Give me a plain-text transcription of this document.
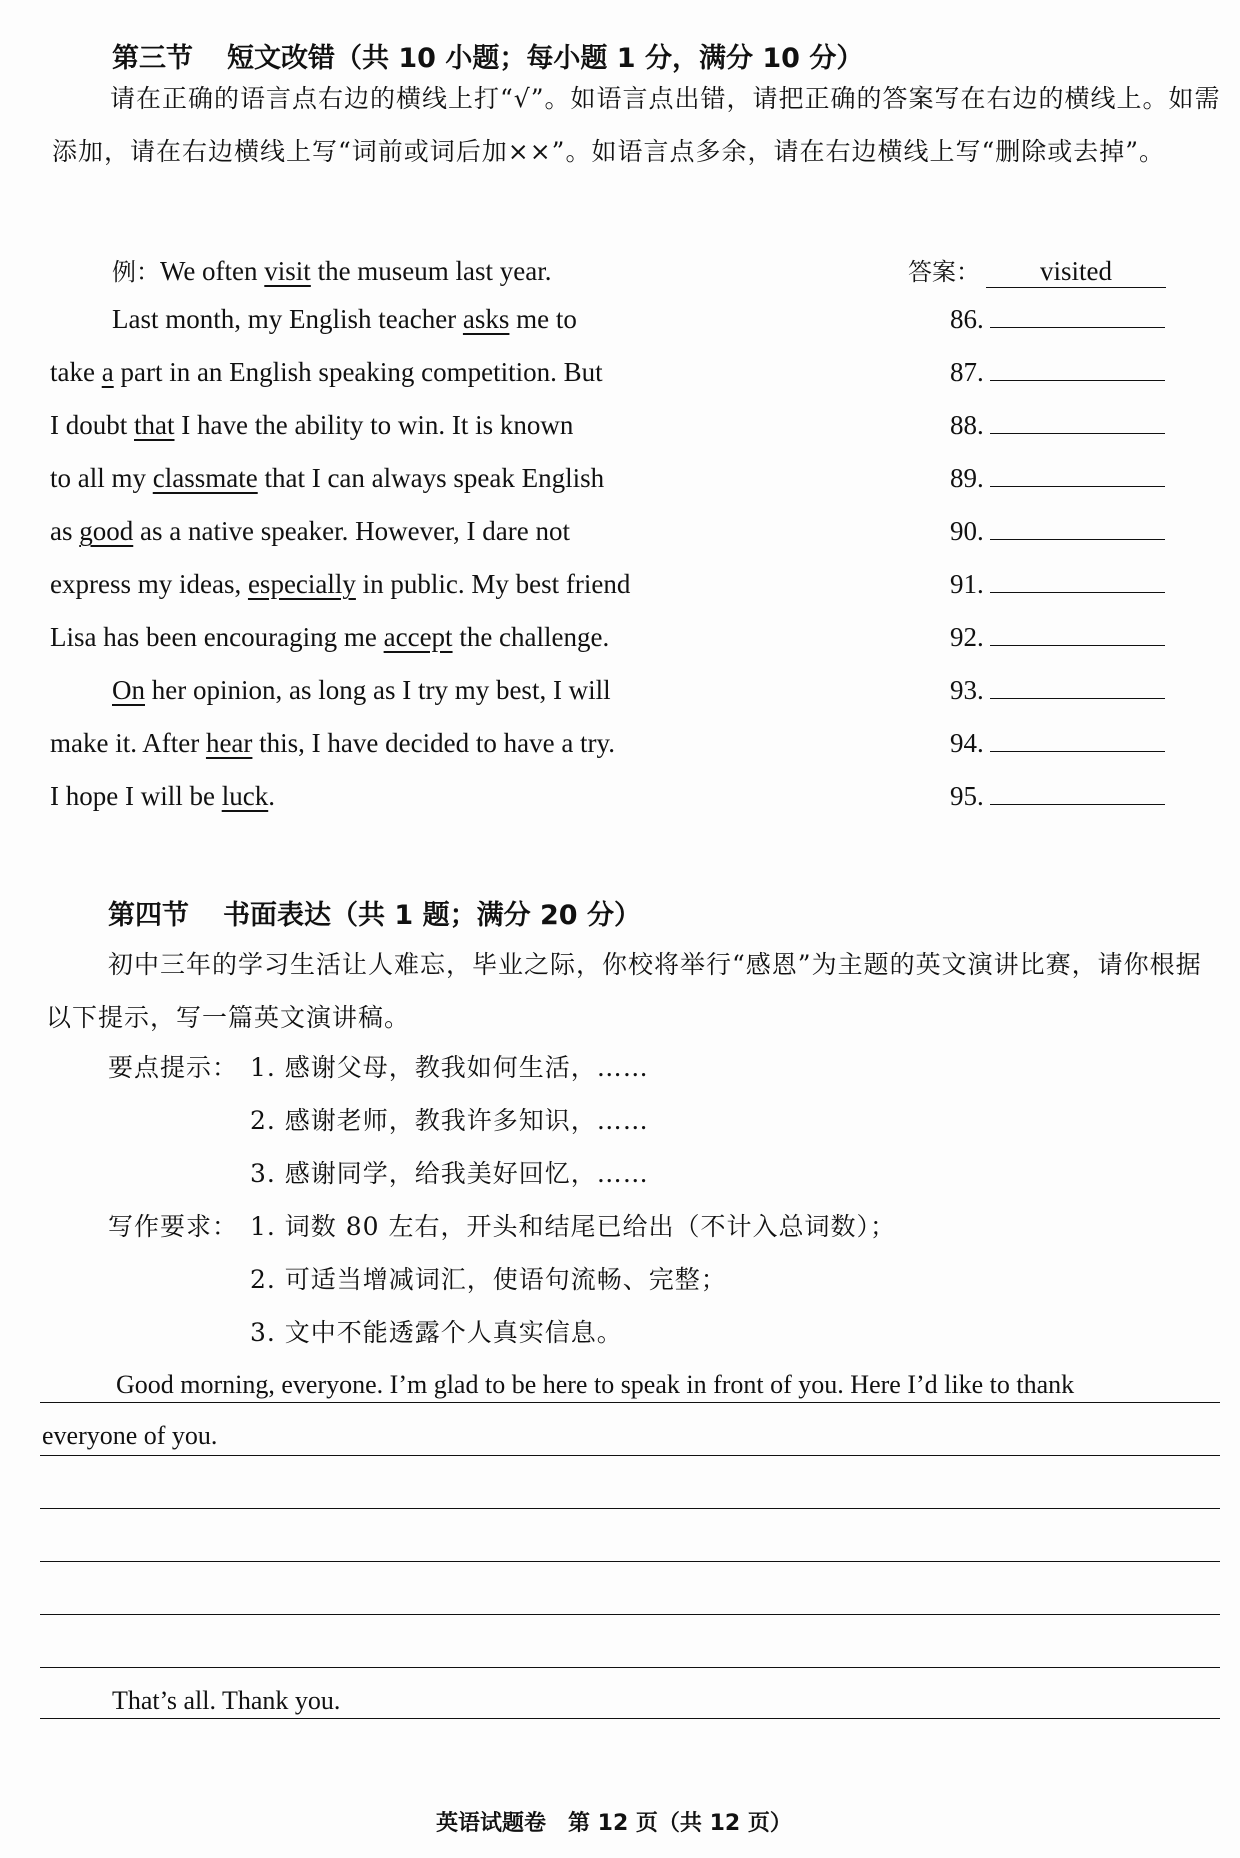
第三节 短文改错（共 10 小题；每小题 1 分，满分 10 分）
请在正确的语言点右边的横线上打“√”。如语言点出错，请把正确的答案写在右边的横线上。如需添加，请在右边横线上写“词前或词后加××”。如语言点多余，请在右边横线上写“删除或去掉”。
例：We often visit the museum last year.	答案： visited
Last month, my English teacher asks me to	86.
take a part in an English speaking competition. But	87.
I doubt that I have the ability to win. It is known	88.
to all my classmate that I can always speak English	89.
as good as a native speaker. However, I dare not	90.
express my ideas, especially in public. My best friend	91.
Lisa has been encouraging me accept the challenge.	92.
On her opinion, as long as I try my best, I will	93.
make it. After hear this, I have decided to have a try.	94.
I hope I will be luck.	95.
第四节 书面表达（共 1 题；满分 20 分）
初中三年的学习生活让人难忘，毕业之际，你校将举行“感恩”为主题的英文演讲比赛，请你根据以下提示，写一篇英文演讲稿。
要点提示： 1. 感谢父母，教我如何生活，……
2. 感谢老师，教我许多知识，……
3. 感谢同学，给我美好回忆，……
写作要求： 1. 词数 80 左右，开头和结尾已给出（不计入总词数）；
2. 可适当增减词汇，使语句流畅、完整；
3. 文中不能透露个人真实信息。
Good morning, everyone. I’m glad to be here to speak in front of you. Here I’d like to thank
everyone of you.
That’s all. Thank you.
英语试题卷　第 12 页（共 12 页）
